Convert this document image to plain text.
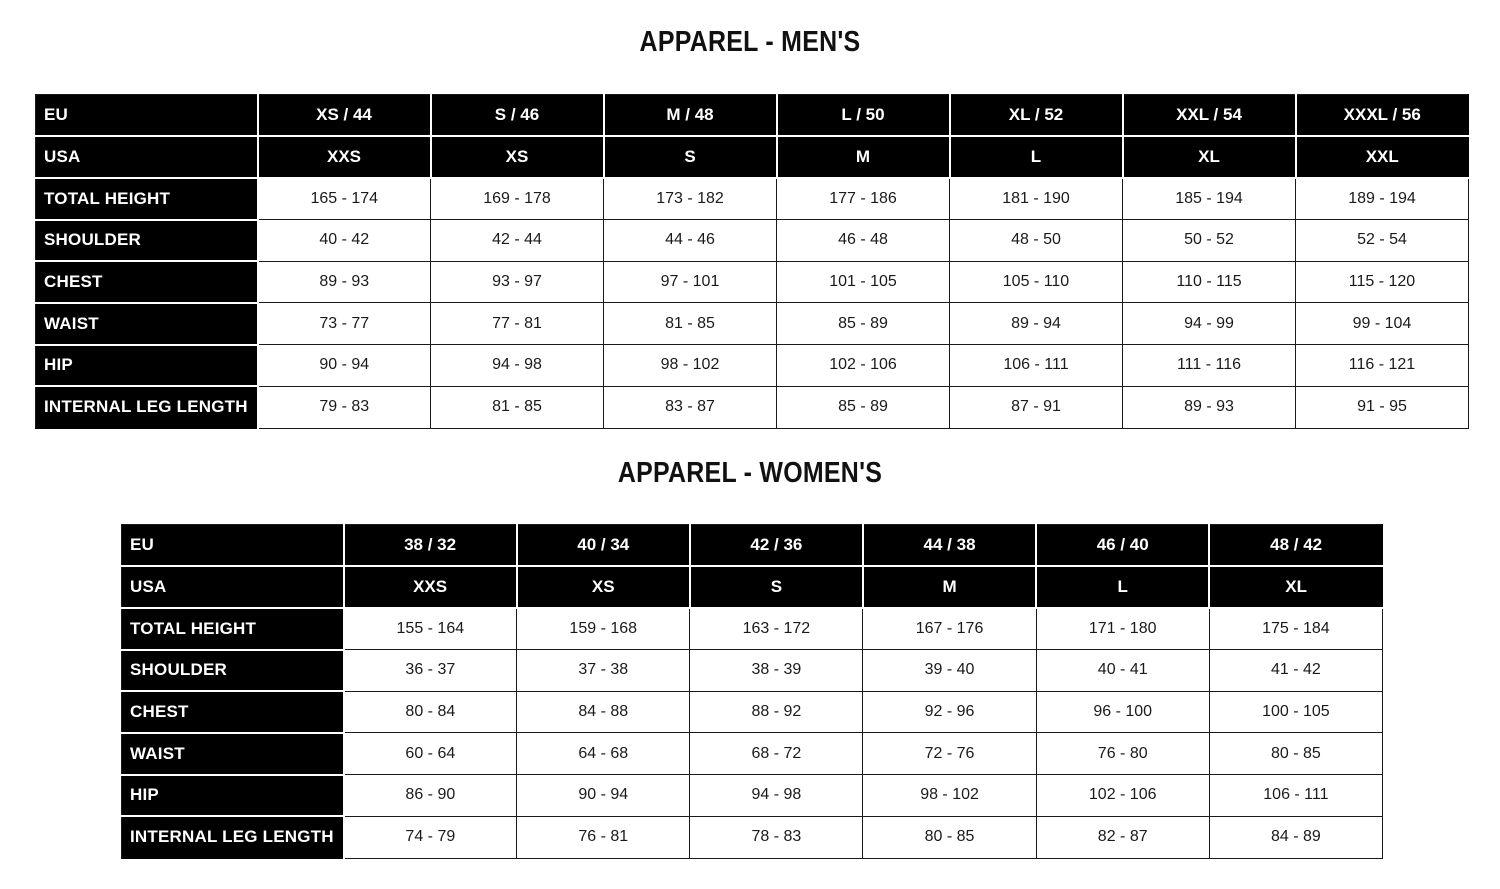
APPAREL - MEN'S
EU	XS / 44	S / 46	M / 48	L / 50	XL / 52	XXL / 54	XXXL / 56
USA	XXS	XS	S	M	L	XL	XXL
TOTAL HEIGHT	165 - 174	169 - 178	173 - 182	177 - 186	181 - 190	185 - 194	189 - 194
SHOULDER	40 - 42	42 - 44	44 - 46	46 - 48	48 - 50	50 - 52	52 - 54
CHEST	89 - 93	93 - 97	97 - 101	101 - 105	105 - 110	110 - 115	115 - 120
WAIST	73 - 77	77 - 81	81 - 85	85 - 89	89 - 94	94 - 99	99 - 104
HIP	90 - 94	94 - 98	98 - 102	102 - 106	106 - 111	111 - 116	116 - 121
INTERNAL LEG LENGTH	79 - 83	81 - 85	83 - 87	85 - 89	87 - 91	89 - 93	91 - 95
APPAREL - WOMEN'S
EU	38 / 32	40 / 34	42 / 36	44 / 38	46 / 40	48 / 42
USA	XXS	XS	S	M	L	XL
TOTAL HEIGHT	155 - 164	159 - 168	163 - 172	167 - 176	171 - 180	175 - 184
SHOULDER	36 - 37	37 - 38	38 - 39	39 - 40	40 - 41	41 - 42
CHEST	80 - 84	84 - 88	88 - 92	92 - 96	96 - 100	100 - 105
WAIST	60 - 64	64 - 68	68 - 72	72 - 76	76 - 80	80 - 85
HIP	86 - 90	90 - 94	94 - 98	98 - 102	102 - 106	106 - 111
INTERNAL LEG LENGTH	74 - 79	76 - 81	78 - 83	80 - 85	82 - 87	84 - 89
